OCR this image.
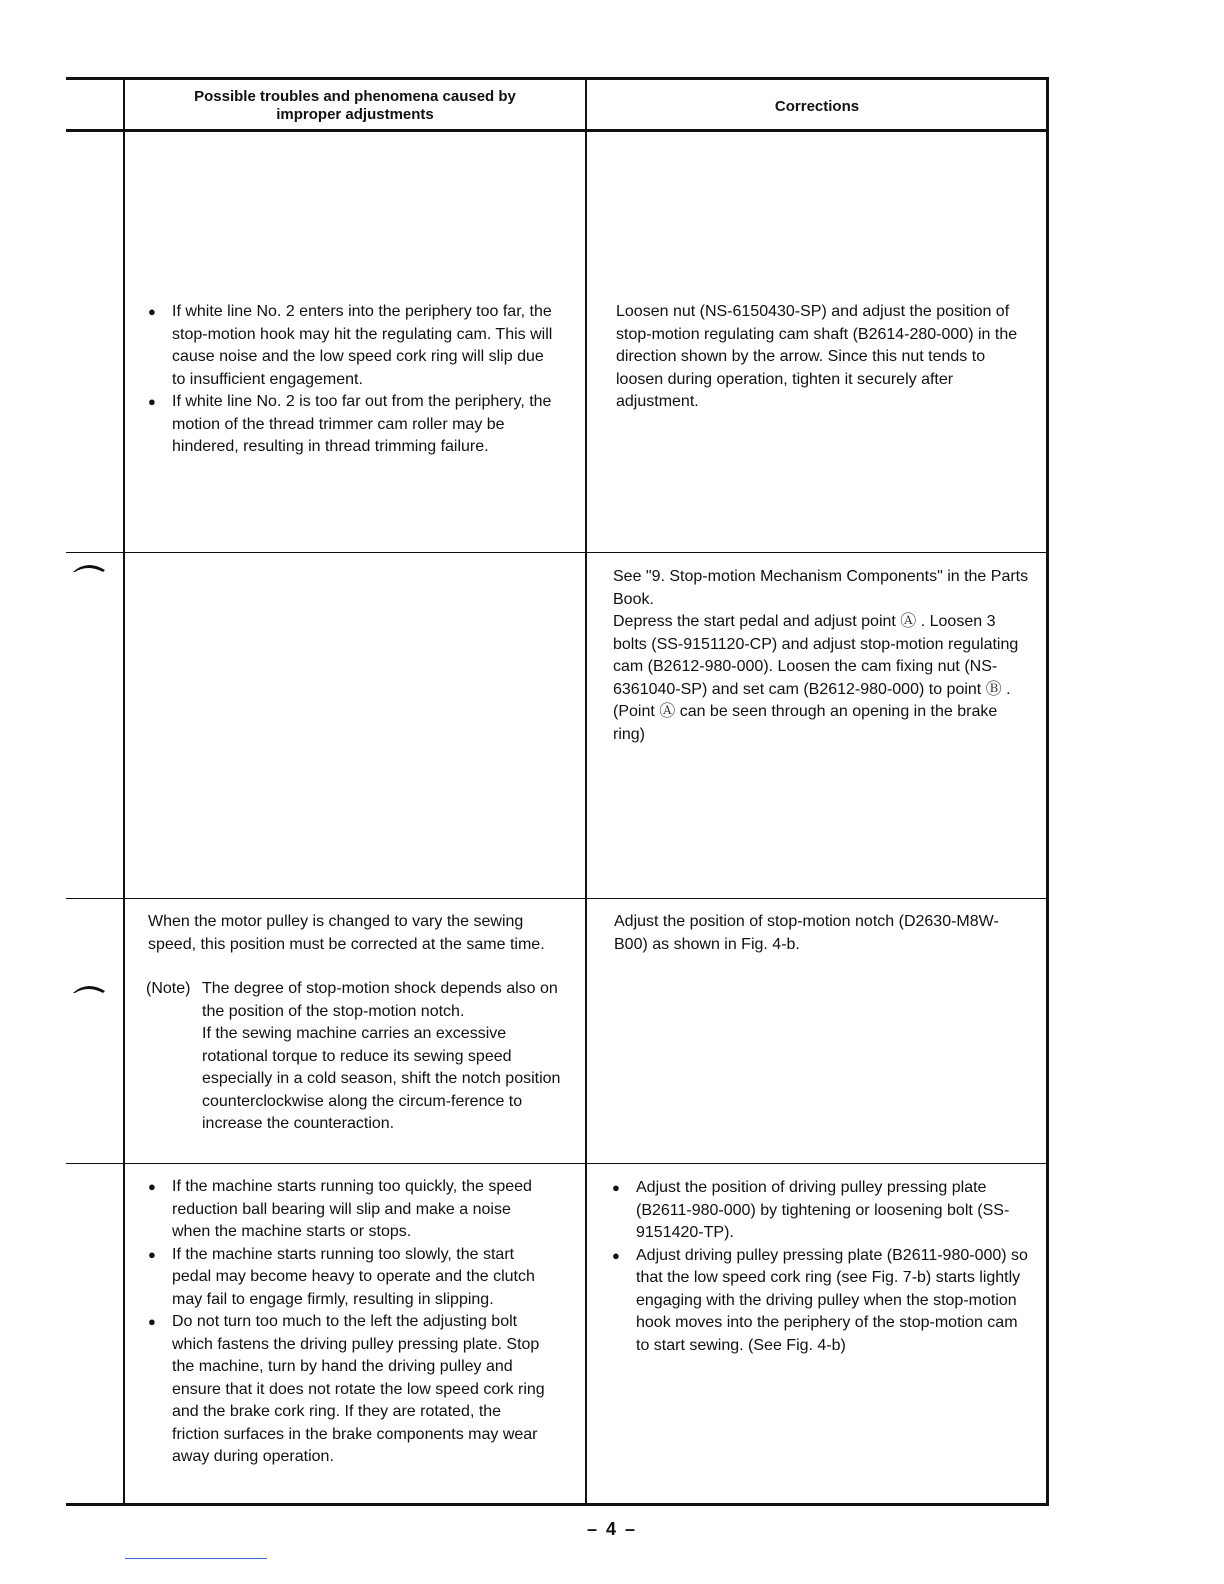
Possible troubles and phenomena caused by
improper adjustments	Corrections

● If white line No. 2 enters into the periphery too far, the stop-motion hook may hit the regulating cam. This will cause noise and the low speed cork ring will slip due to insufficient engagement.

● If white line No. 2 is too far out from the periphery, the motion of the thread trimmer cam roller may be hindered, resulting in thread trimming failure.

Loosen nut (NS-6150430-SP) and adjust the position of stop-motion regulating cam shaft (B2614-280-000) in the direction shown by the arrow. Since this nut tends to loosen during operation, tighten it securely after adjustment.

See "9. Stop-motion Mechanism Components" in the Parts Book.

Depress the start pedal and adjust point Ⓐ . Loosen 3 bolts (SS-9151120-CP) and adjust stop-motion regulating cam (B2612-980-000). Loosen the cam fixing nut (NS-6361040-SP) and set cam (B2612-980-000) to point Ⓑ . (Point Ⓐ can be seen through an opening in the brake ring)

When the motor pulley is changed to vary the sewing speed, this position must be corrected at the same time.

(Note) The degree of stop-motion shock depends also on the position of the stop-motion notch.
If the sewing machine carries an excessive rotational torque to reduce its sewing speed especially in a cold season, shift the notch position counterclockwise along the circum-ference to increase the counteraction.

Adjust the position of stop-motion notch (D2630-M8W-B00) as shown in Fig. 4-b.

● If the machine starts running too quickly, the speed reduction ball bearing will slip and make a noise when the machine starts or stops.

● If the machine starts running too slowly, the start pedal may become heavy to operate and the clutch may fail to engage firmly, resulting in slipping.

● Do not turn too much to the left the adjusting bolt which fastens the driving pulley pressing plate. Stop the machine, turn by hand the driving pulley and ensure that it does not rotate the low speed cork ring and the brake cork ring. If they are rotated, the friction surfaces in the brake components may wear away during operation.

● Adjust the position of driving pulley pressing plate (B2611-980-000) by tightening or loosening bolt (SS-9151420-TP).

● Adjust driving pulley pressing plate (B2611-980-000) so that the low speed cork ring (see Fig. 7-b) starts lightly engaging with the driving pulley when the stop-motion hook moves into the periphery of the stop-motion cam to start sewing. (See Fig. 4-b)

– 4 –
